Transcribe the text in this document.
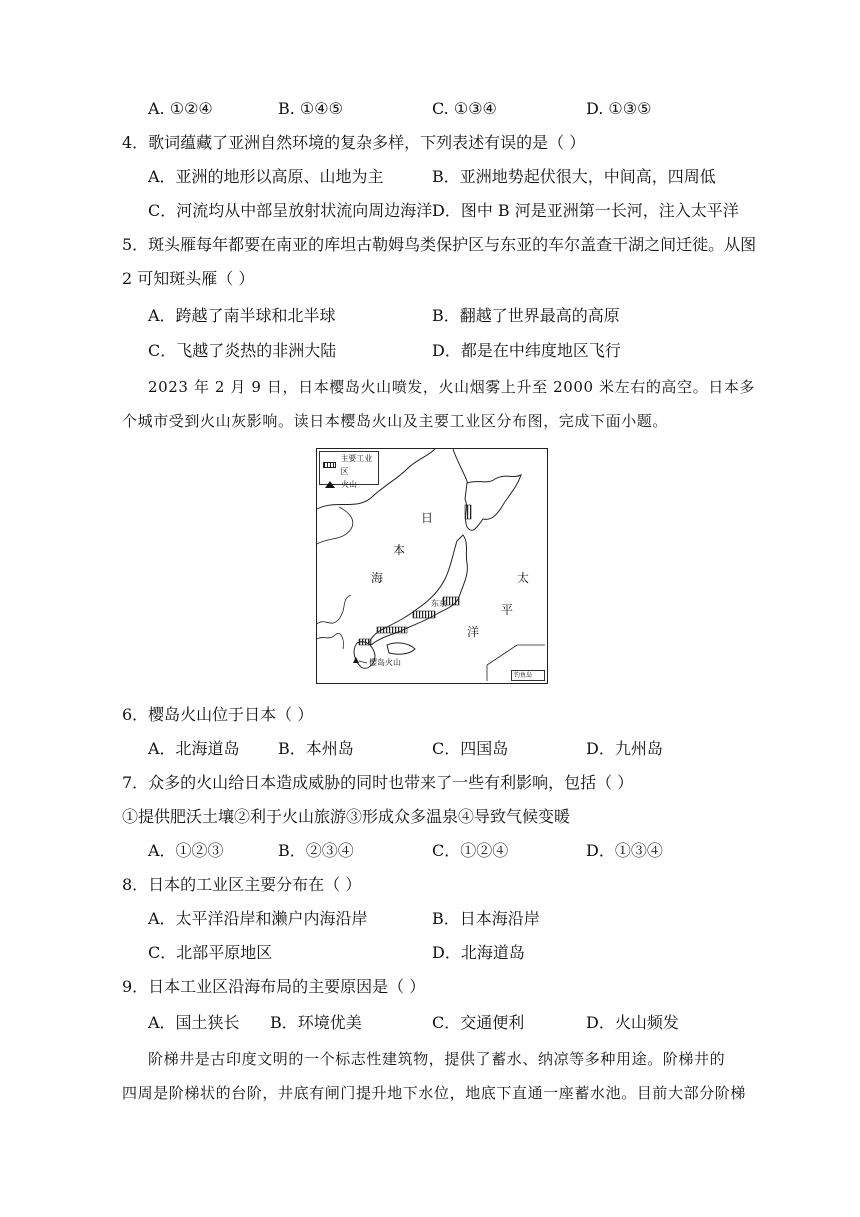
A. ①②④	B. ①④⑤	C. ①③④	D. ①③⑤
4．歌词蕴藏了亚洲自然环境的复杂多样，下列表述有误的是（ ）
A．亚洲的地形以高原、山地为主	B．亚洲地势起伏很大，中间高，四周低
C．河流均从中部呈放射状流向周边海洋 D．图中 B 河是亚洲第一长河，注入太平洋
5．斑头雁每年都要在南亚的库坦古勒姆鸟类保护区与东亚的车尔盖查干湖之间迁徙。从图
2 可知斑头雁（ ）
A．跨越了南半球和北半球	B．翻越了世界最高的高原
C．飞越了炎热的非洲大陆	D．都是在中纬度地区飞行
2023 年 2 月 9 日，日本樱岛火山喷发，火山烟雾上升至 2000 米左右的高空。日本多
个城市受到火山灰影响。读日本樱岛火山及主要工业区分布图，完成下面小题。
主要工业区
火山
日
本
海	太
平
洋
东京
樱岛火山
钓鱼岛
6．樱岛火山位于日本（ ）
A．北海道岛 B．本州岛	C．四国岛	D．九州岛
7．众多的火山给日本造成威胁的同时也带来了一些有利影响，包括（ ）
①提供肥沃土壤②利于火山旅游③形成众多温泉④导致气候变暖
A．①②③	B．②③④	C．①②④	D．①③④
8．日本的工业区主要分布在（ ）
A．太平洋沿岸和濑户内海沿岸	B．日本海沿岸
C．北部平原地区	D．北海道岛
9．日本工业区沿海布局的主要原因是（ ）
A．国土狭长 B．环境优美	C．交通便利	D．火山频发
阶梯井是古印度文明的一个标志性建筑物，提供了蓄水、纳凉等多种用途。阶梯井的
四周是阶梯状的台阶，井底有闸门提升地下水位，地底下直通一座蓄水池。目前大部分阶梯
